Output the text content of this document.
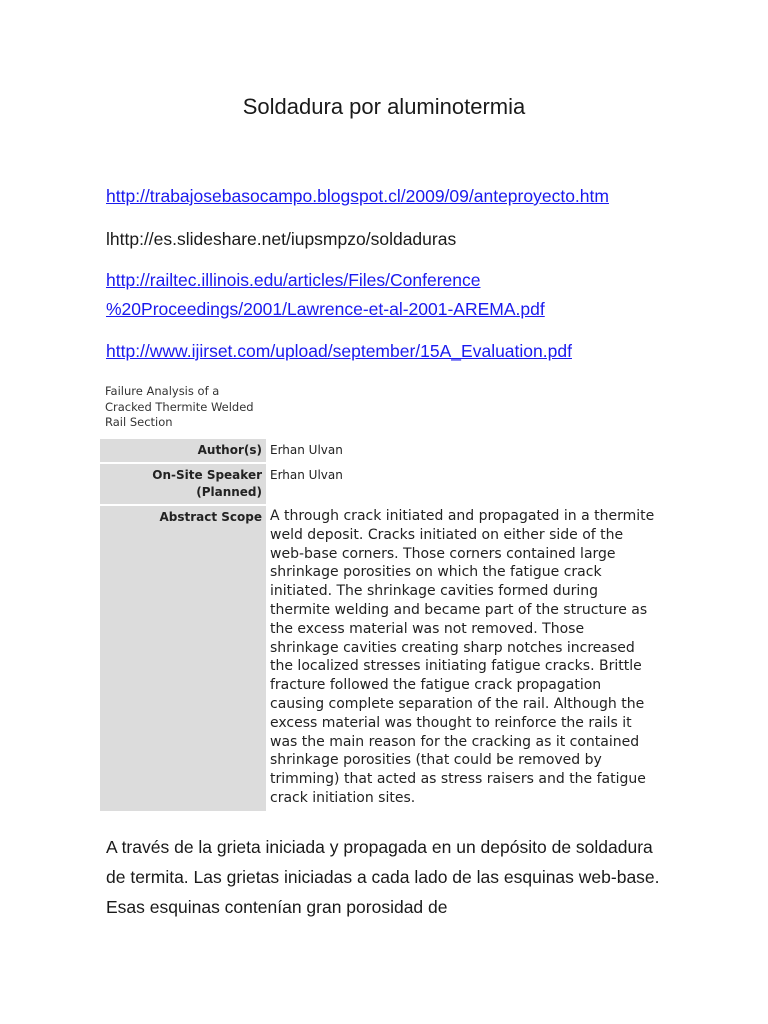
Soldadura por aluminotermia
http://trabajosebasocampo.blogspot.cl/2009/09/anteproyecto.htm
lhttp://es.slideshare.net/iupsmpzo/soldaduras
http://railtec.illinois.edu/articles/Files/Conference
%20Proceedings/2001/Lawrence-et-al-2001-AREMA.pdf
http://www.ijirset.com/upload/september/15A_Evaluation.pdf
Failure Analysis of a Cracked Thermite Welded Rail Section
Author(s)	Erhan Ulvan
On-Site Speaker (Planned)	Erhan Ulvan
Abstract Scope	A through crack initiated and propagated in a thermite weld deposit. Cracks initiated on either side of the web-base corners. Those corners contained large shrinkage porosities on which the fatigue crack initiated. The shrinkage cavities formed during thermite welding and became part of the structure as the excess material was not removed. Those shrinkage cavities creating sharp notches increased the localized stresses initiating fatigue cracks. Brittle fracture followed the fatigue crack propagation causing complete separation of the rail. Although the excess material was thought to reinforce the rails it was the main reason for the cracking as it contained shrinkage porosities (that could be removed by trimming) that acted as stress raisers and the fatigue crack initiation sites.
A través de la grieta iniciada y propagada en un depósito de soldadura de termita. Las grietas iniciadas a cada lado de las esquinas web-base. Esas esquinas contenían gran porosidad de
